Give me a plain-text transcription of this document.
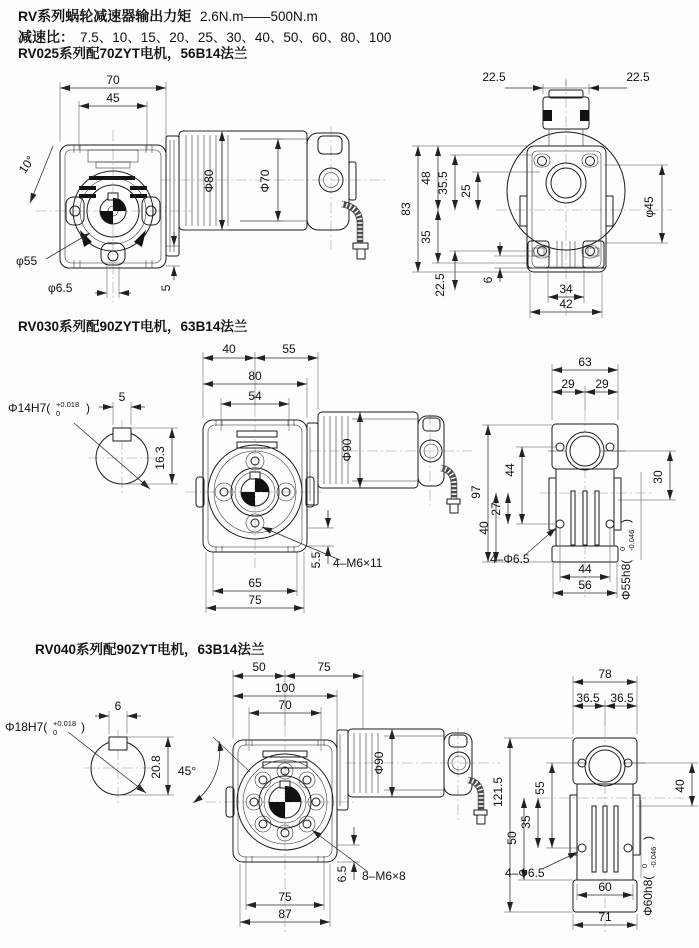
RV系列蜗轮减速器输出力矩 2.6N.m——500N.m
减速比： 7.5、10、15、20、25、30、40、50、60、80、100
RV025系列配70ZYT电机，56B14法兰
70
45
10°
φ55
φ6.5	5
Φ80	Φ70
22.5	22.5
83
48 35.5 25
35
22.5	6
φ45
34
42
RV030系列配90ZYT电机，63B14法兰
Φ14H7( +0.018
0 )
5
16.3	Φ90
40	55
80
54
5.5 4–M6×11
65
75
63
29 29
97
44
27
40
30
4–Φ6.5
44
56 Φ55h8(
0 -0.046
)
RV040系列配90ZYT电机，63B14法兰
Φ18H7( +0.018
0 )
6
20.8 45°	Φ90
50	75
100
70
6.5 8–M6×8
75
87
78
36.5 36.5
121.5 55
35
50
40
4–Φ6.5
60
71
Φ60h8(
0 -0.046
)
